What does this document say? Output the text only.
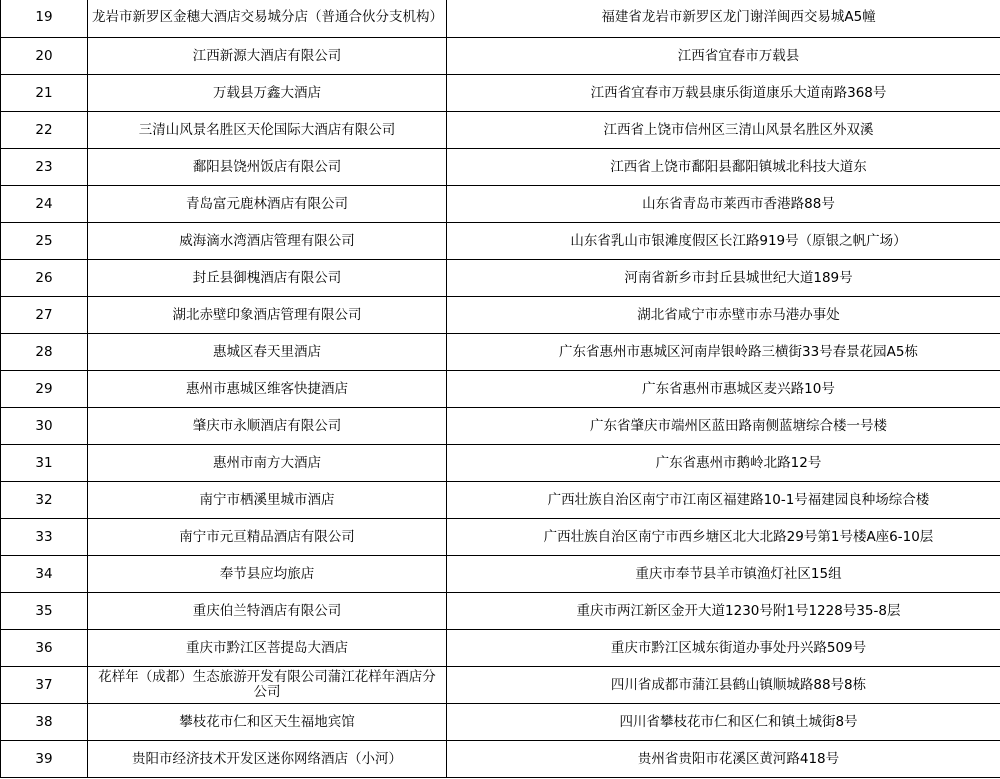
19	龙岩市新罗区金穗大酒店交易城分店（普通合伙分支机构）	福建省龙岩市新罗区龙门谢洋闽西交易城A5幢
20	江西新源大酒店有限公司	江西省宜春市万载县
21	万载县万鑫大酒店	江西省宜春市万载县康乐街道康乐大道南路368号
22	三清山风景名胜区天伦国际大酒店有限公司	江西省上饶市信州区三清山风景名胜区外双溪
23	鄱阳县饶州饭店有限公司	江西省上饶市鄱阳县鄱阳镇城北科技大道东
24	青岛富元鹿林酒店有限公司	山东省青岛市莱西市香港路88号
25	威海滴水湾酒店管理有限公司	山东省乳山市银滩度假区长江路919号（原银之帆广场）
26	封丘县御槐酒店有限公司	河南省新乡市封丘县城世纪大道189号
27	湖北赤壁印象酒店管理有限公司	湖北省咸宁市赤壁市赤马港办事处
28	惠城区春天里酒店	广东省惠州市惠城区河南岸银岭路三横街33号春景花园A5栋
29	惠州市惠城区维客快捷酒店	广东省惠州市惠城区麦兴路10号
30	肇庆市永顺酒店有限公司	广东省肇庆市端州区蓝田路南侧蓝塘综合楼一号楼
31	惠州市南方大酒店	广东省惠州市鹅岭北路12号
32	南宁市栖溪里城市酒店	广西壮族自治区南宁市江南区福建路10-1号福建园良种场综合楼
33	南宁市元亘精品酒店有限公司	广西壮族自治区南宁市西乡塘区北大北路29号第1号楼A座6-10层
34	奉节县应均旅店	重庆市奉节县羊市镇渔灯社区15组
35	重庆伯兰特酒店有限公司	重庆市两江新区金开大道1230号附1号1228号35-8层
36	重庆市黔江区菩提岛大酒店	重庆市黔江区城东街道办事处丹兴路509号
37	花样年（成都）生态旅游开发有限公司蒲江花样年酒店分公司	四川省成都市蒲江县鹤山镇顺城路88号8栋
38	攀枝花市仁和区天生福地宾馆	四川省攀枝花市仁和区仁和镇土城街8号
39	贵阳市经济技术开发区迷你网络酒店（小河）	贵州省贵阳市花溪区黄河路418号
